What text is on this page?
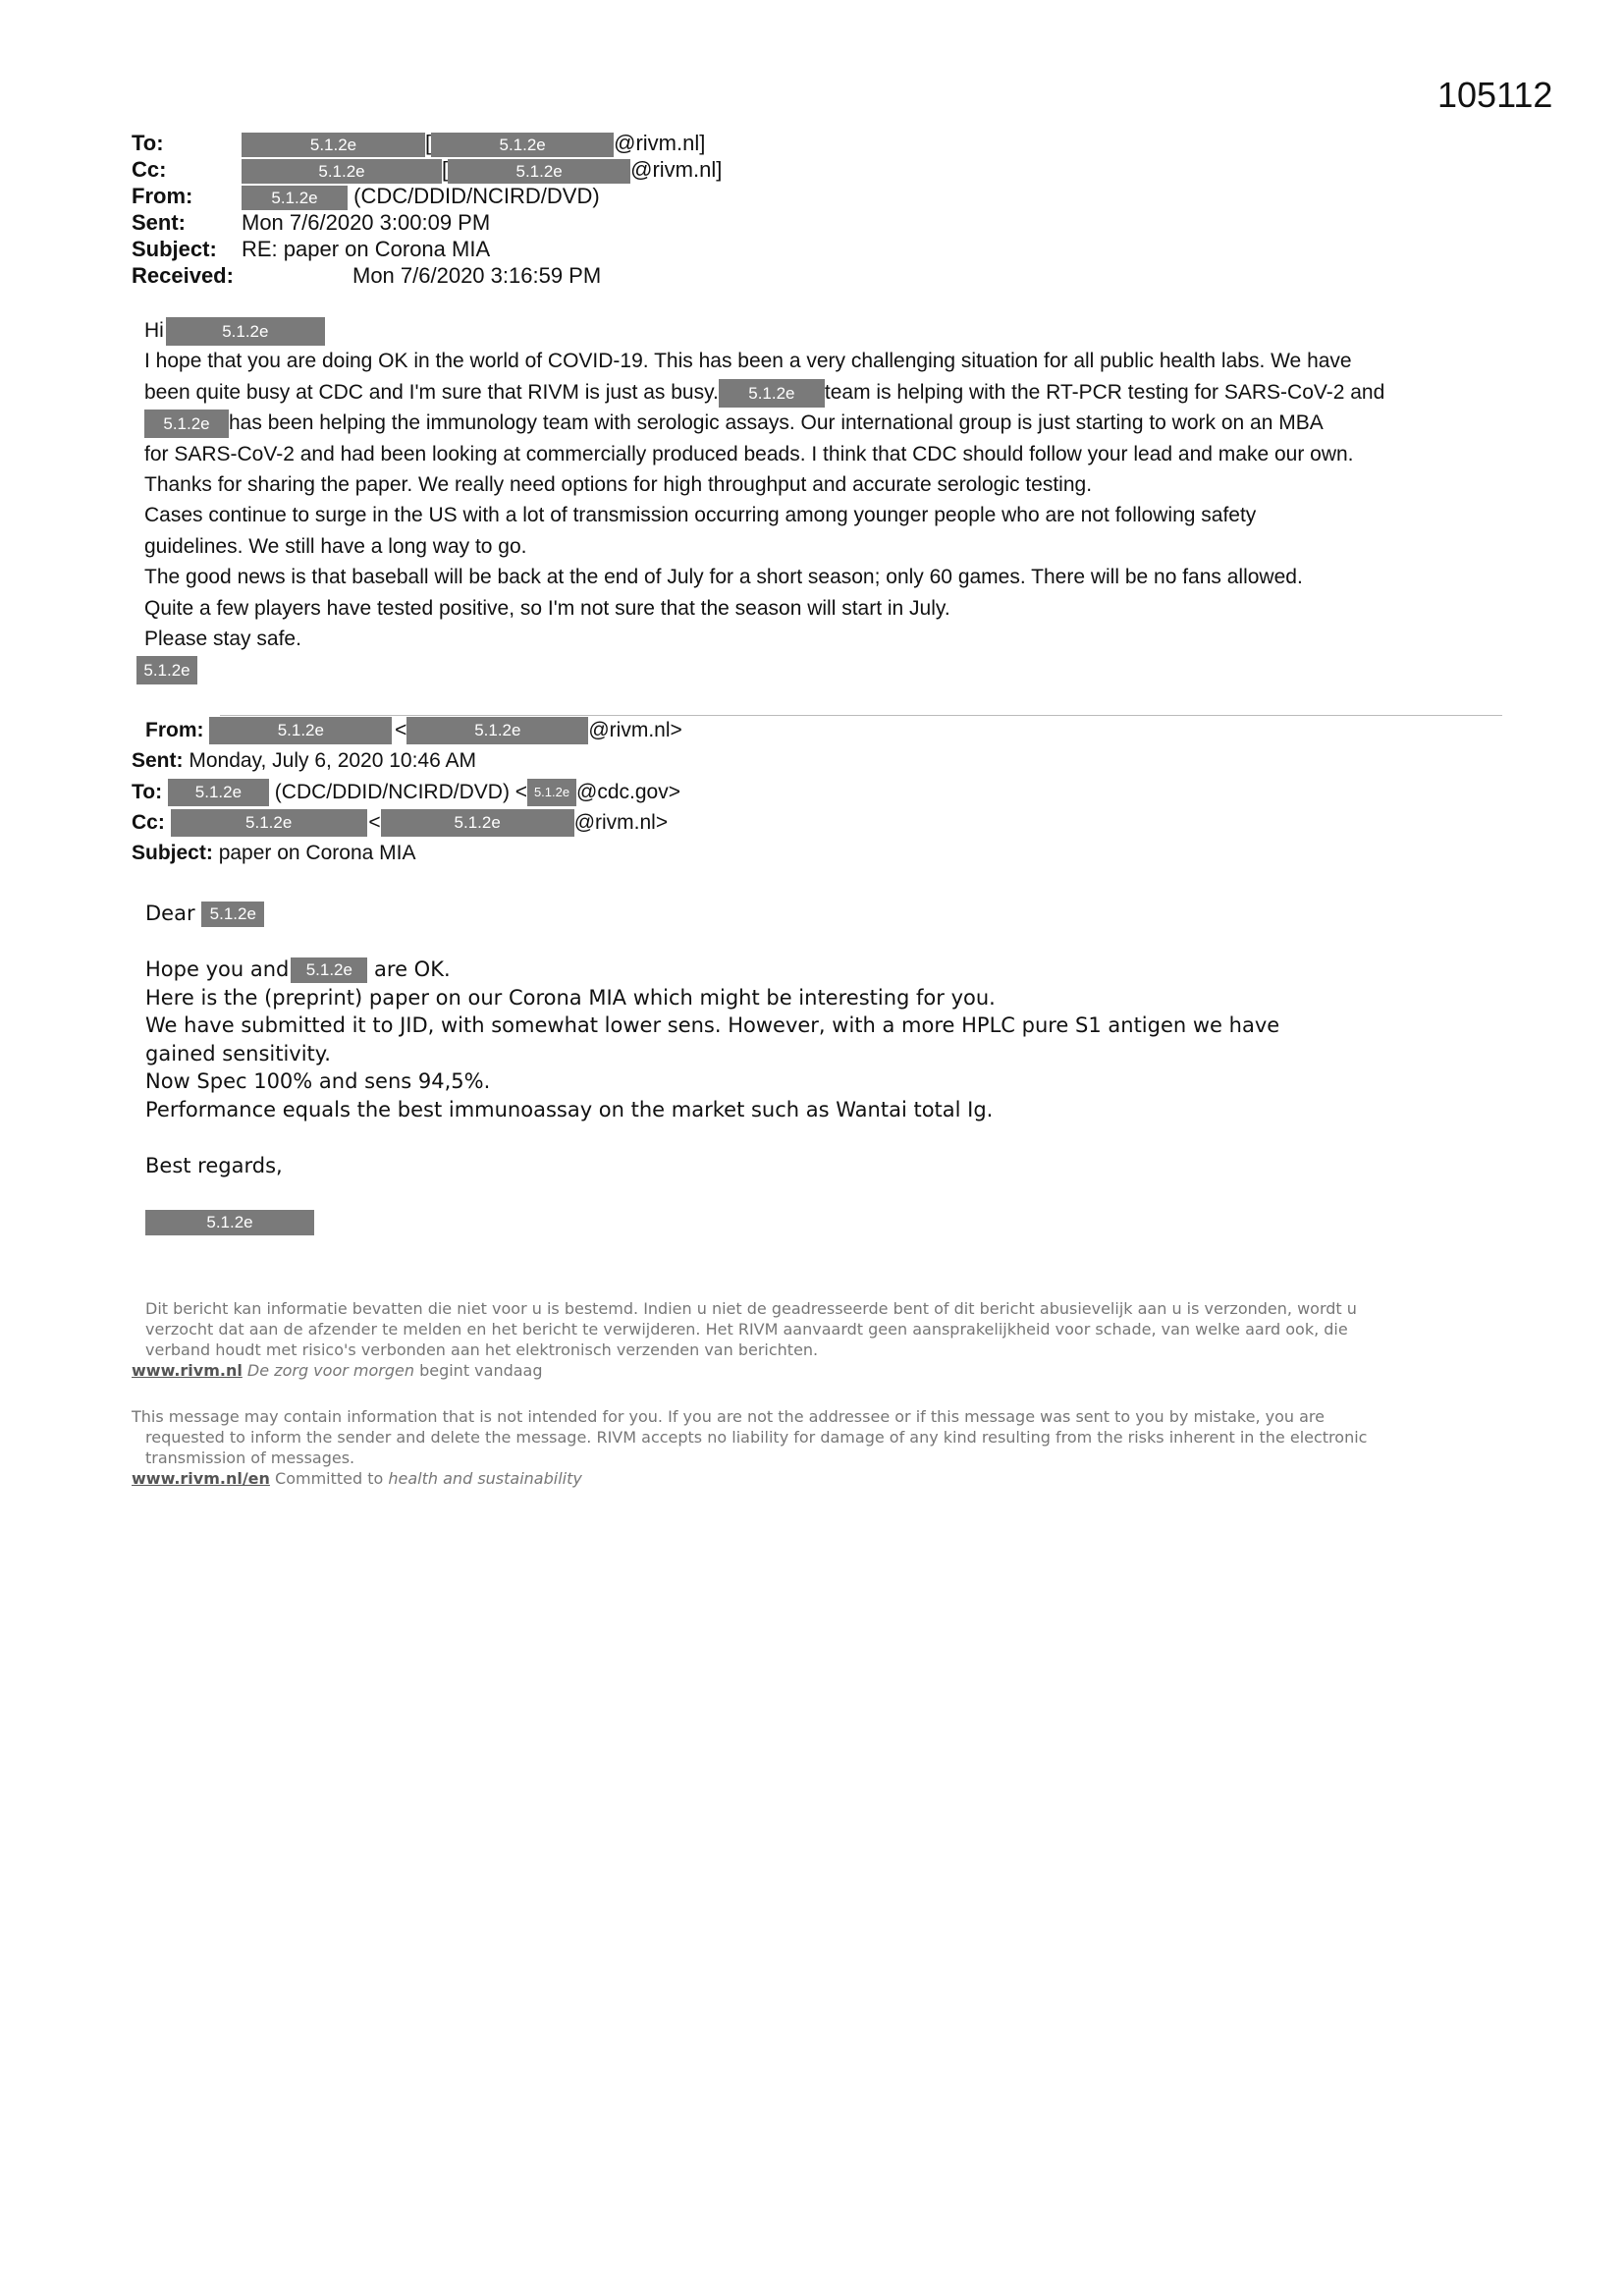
105112
To:	5.1.2e	[	5.1.2e	@rivm.nl]
Cc:	5.1.2e	[	5.1.2e	@rivm.nl]
From:	5.1.2e (CDC/DDID/NCIRD/DVD)
Sent:	Mon 7/6/2020 3:00:09 PM
Subject: RE: paper on Corona MIA
Received:	Mon 7/6/2020 3:16:59 PM

Hi	5.1.2e

I hope that you are doing OK in the world of COVID-19. This has been a very challenging situation for all public health labs. We have

been quite busy at CDC and I'm sure that RIVM is just as busy. 5.1.2e team is helping with the RT-PCR testing for SARS-CoV-2 and

5.1.2e has been helping the immunology team with serologic assays. Our international group is just starting to work on an MBA

for SARS-CoV-2 and had been looking at commercially produced beads. I think that CDC should follow your lead and make our own.

Thanks for sharing the paper. We really need options for high throughput and accurate serologic testing.

Cases continue to surge in the US with a lot of transmission occurring among younger people who are not following safety

guidelines. We still have a long way to go.

The good news is that baseball will be back at the end of July for a short season; only 60 games. There will be no fans allowed.

Quite a few players have tested positive, so I'm not sure that the season will start in July.

Please stay safe.

5.1.2e

From:	5.1.2e	<	5.1.2e	@rivm.nl>
Sent: Monday, July 6, 2020 10:46 AM
To: 5.1.2e (CDC/DDID/NCIRD/DVD) < 5.1.2e @cdc.gov>
Cc:	5.1.2e	<	5.1.2e	@rivm.nl>
Subject: paper on Corona MIA

Dear 5.1.2e

Hope you and 5.1.2e are OK.

Here is the (preprint) paper on our Corona MIA which might be interesting for you.

We have submitted it to JID, with somewhat lower sens. However, with a more HPLC pure S1 antigen we have

gained sensitivity.

Now Spec 100% and sens 94,5%.

Performance equals the best immunoassay on the market such as Wantai total Ig.

Best regards,

5.1.2e

Dit bericht kan informatie bevatten die niet voor u is bestemd. Indien u niet de geadresseerde bent of dit bericht abusievelijk aan u is verzonden, wordt u

verzocht dat aan de afzender te melden en het bericht te verwijderen. Het RIVM aanvaardt geen aansprakelijkheid voor schade, van welke aard ook, die

verband houdt met risico's verbonden aan het elektronisch verzenden van berichten.

www.rivm.nl De zorg voor morgen begint vandaag

This message may contain information that is not intended for you. If you are not the addressee or if this message was sent to you by mistake, you are

requested to inform the sender and delete the message. RIVM accepts no liability for damage of any kind resulting from the risks inherent in the electronic

transmission of messages.

www.rivm.nl/en Committed to health and sustainability
